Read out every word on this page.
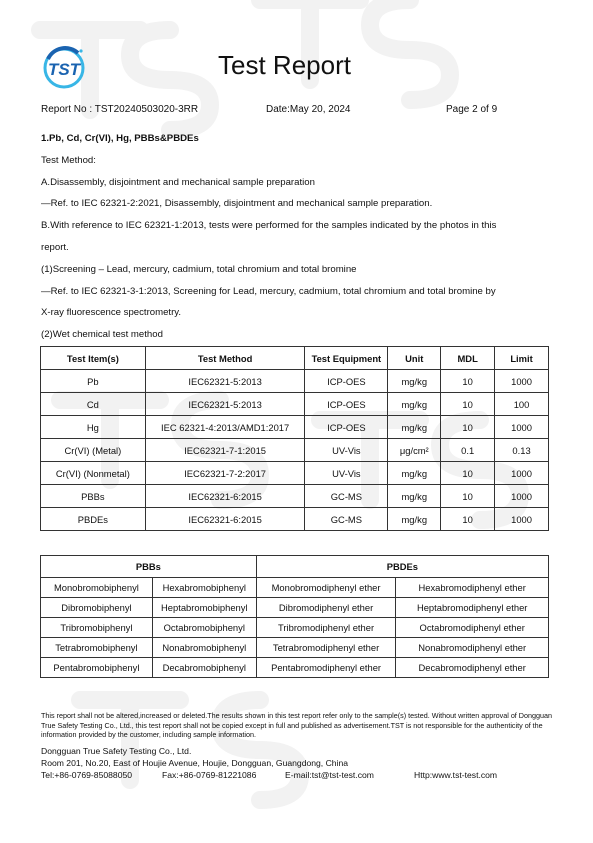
TST	Test Report
Report No : TST20240503020-3RR	Date:May 20, 2024	Page 2 of 9
1.Pb, Cd, Cr(VI), Hg, PBBs&PBDEs
Test Method:
A.Disassembly, disjointment and mechanical sample preparation
—Ref. to IEC 62321-2:2021, Disassembly, disjointment and mechanical sample preparation.
B.With reference to IEC 62321-1:2013, tests were performed for the samples indicated by the photos in this
report.
(1)Screening – Lead, mercury, cadmium, total chromium and total bromine
—Ref. to IEC 62321-3-1:2013, Screening for Lead, mercury, cadmium, total chromium and total bromine by
X-ray fluorescence spectrometry.
(2)Wet chemical test method
Test Item(s)	Test Method	Test Equipment	Unit	MDL	Limit
Pb	IEC62321-5:2013	ICP-OES	mg/kg	10	1000
Cd	IEC62321-5:2013	ICP-OES	mg/kg	10	100
Hg	IEC 62321-4:2013/AMD1:2017	ICP-OES	mg/kg	10	1000
Cr(VI) (Metal)	IEC62321-7-1:2015	UV-Vis	μg/cm²	0.1	0.13
Cr(VI) (Nonmetal)	IEC62321-7-2:2017	UV-Vis	mg/kg	10	1000
PBBs	IEC62321-6:2015	GC-MS	mg/kg	10	1000
PBDEs	IEC62321-6:2015	GC-MS	mg/kg	10	1000
PBBs		PBDEs	
Monobromobiphenyl	Hexabromobiphenyl	Monobromodiphenyl ether	Hexabromodiphenyl ether
Dibromobiphenyl	Heptabromobiphenyl	Dibromodiphenyl ether	Heptabromodiphenyl ether
Tribromobiphenyl	Octabromobiphenyl	Tribromodiphenyl ether	Octabromodiphenyl ether
Tetrabromobiphenyl	Nonabromobiphenyl	Tetrabromodiphenyl ether	Nonabromodiphenyl ether
Pentabromobiphenyl	Decabromobiphenyl	Pentabromodiphenyl ether	Decabromodiphenyl ether
This report shall not be altered,increased or deleted.The results shown in this test report refer only to the sample(s) tested. Without written approval of Dongguan True Safety Testing Co., Ltd., this test report shall not be copied except in full and published as advertisement.TST is not responsible for the authenticity of the information provided by the customer, including sample information.
Dongguan True Safety Testing Co., Ltd.
Room 201, No.20, East of Houjie Avenue, Houjie, Dongguan, Guangdong, China
Tel:+86-0769-85088050	Fax:+86-0769-81221086	E-mail:tst@tst-test.com	Http:www.tst-test.com
